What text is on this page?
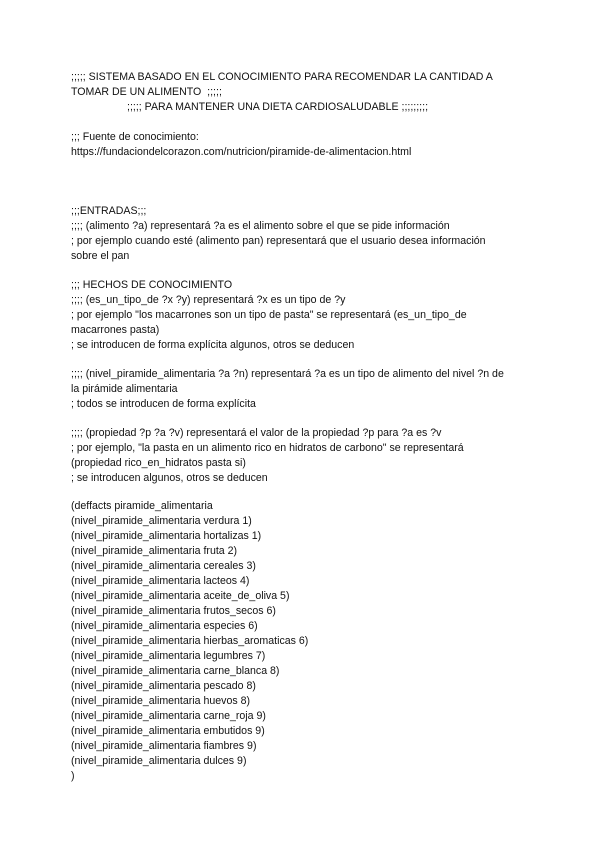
;;;;; SISTEMA BASADO EN EL CONOCIMIENTO PARA RECOMENDAR LA CANTIDAD A
TOMAR DE UN ALIMENTO  ;;;;;
;;;;; PARA MANTENER UNA DIETA CARDIOSALUDABLE ;;;;;;;;;
;;; Fuente de conocimiento:
https://fundaciondelcorazon.com/nutricion/piramide-de-alimentacion.html
;;;ENTRADAS;;;
;;;; (alimento ?a) representará ?a es el alimento sobre el que se pide información
; por ejemplo cuando esté (alimento pan) representará que el usuario desea información
sobre el pan
;;; HECHOS DE CONOCIMIENTO
;;;; (es_un_tipo_de ?x ?y) representará ?x es un tipo de ?y
; por ejemplo "los macarrones son un tipo de pasta" se representará (es_un_tipo_de
macarrones pasta)
; se introducen de forma explícita algunos, otros se deducen
;;;; (nivel_piramide_alimentaria ?a ?n) representará ?a es un tipo de alimento del nivel ?n de
la pirámide alimentaria
; todos se introducen de forma explícita
;;;; (propiedad ?p ?a ?v) representará el valor de la propiedad ?p para ?a es ?v
; por ejemplo, "la pasta en un alimento rico en hidratos de carbono" se representará
(propiedad rico_en_hidratos pasta si)
; se introducen algunos, otros se deducen
(deffacts piramide_alimentaria
(nivel_piramide_alimentaria verdura 1)
(nivel_piramide_alimentaria hortalizas 1)
(nivel_piramide_alimentaria fruta 2)
(nivel_piramide_alimentaria cereales 3)
(nivel_piramide_alimentaria lacteos 4)
(nivel_piramide_alimentaria aceite_de_oliva 5)
(nivel_piramide_alimentaria frutos_secos 6)
(nivel_piramide_alimentaria especies 6)
(nivel_piramide_alimentaria hierbas_aromaticas 6)
(nivel_piramide_alimentaria legumbres 7)
(nivel_piramide_alimentaria carne_blanca 8)
(nivel_piramide_alimentaria pescado 8)
(nivel_piramide_alimentaria huevos 8)
(nivel_piramide_alimentaria carne_roja 9)
(nivel_piramide_alimentaria embutidos 9)
(nivel_piramide_alimentaria fiambres 9)
(nivel_piramide_alimentaria dulces 9)
)
